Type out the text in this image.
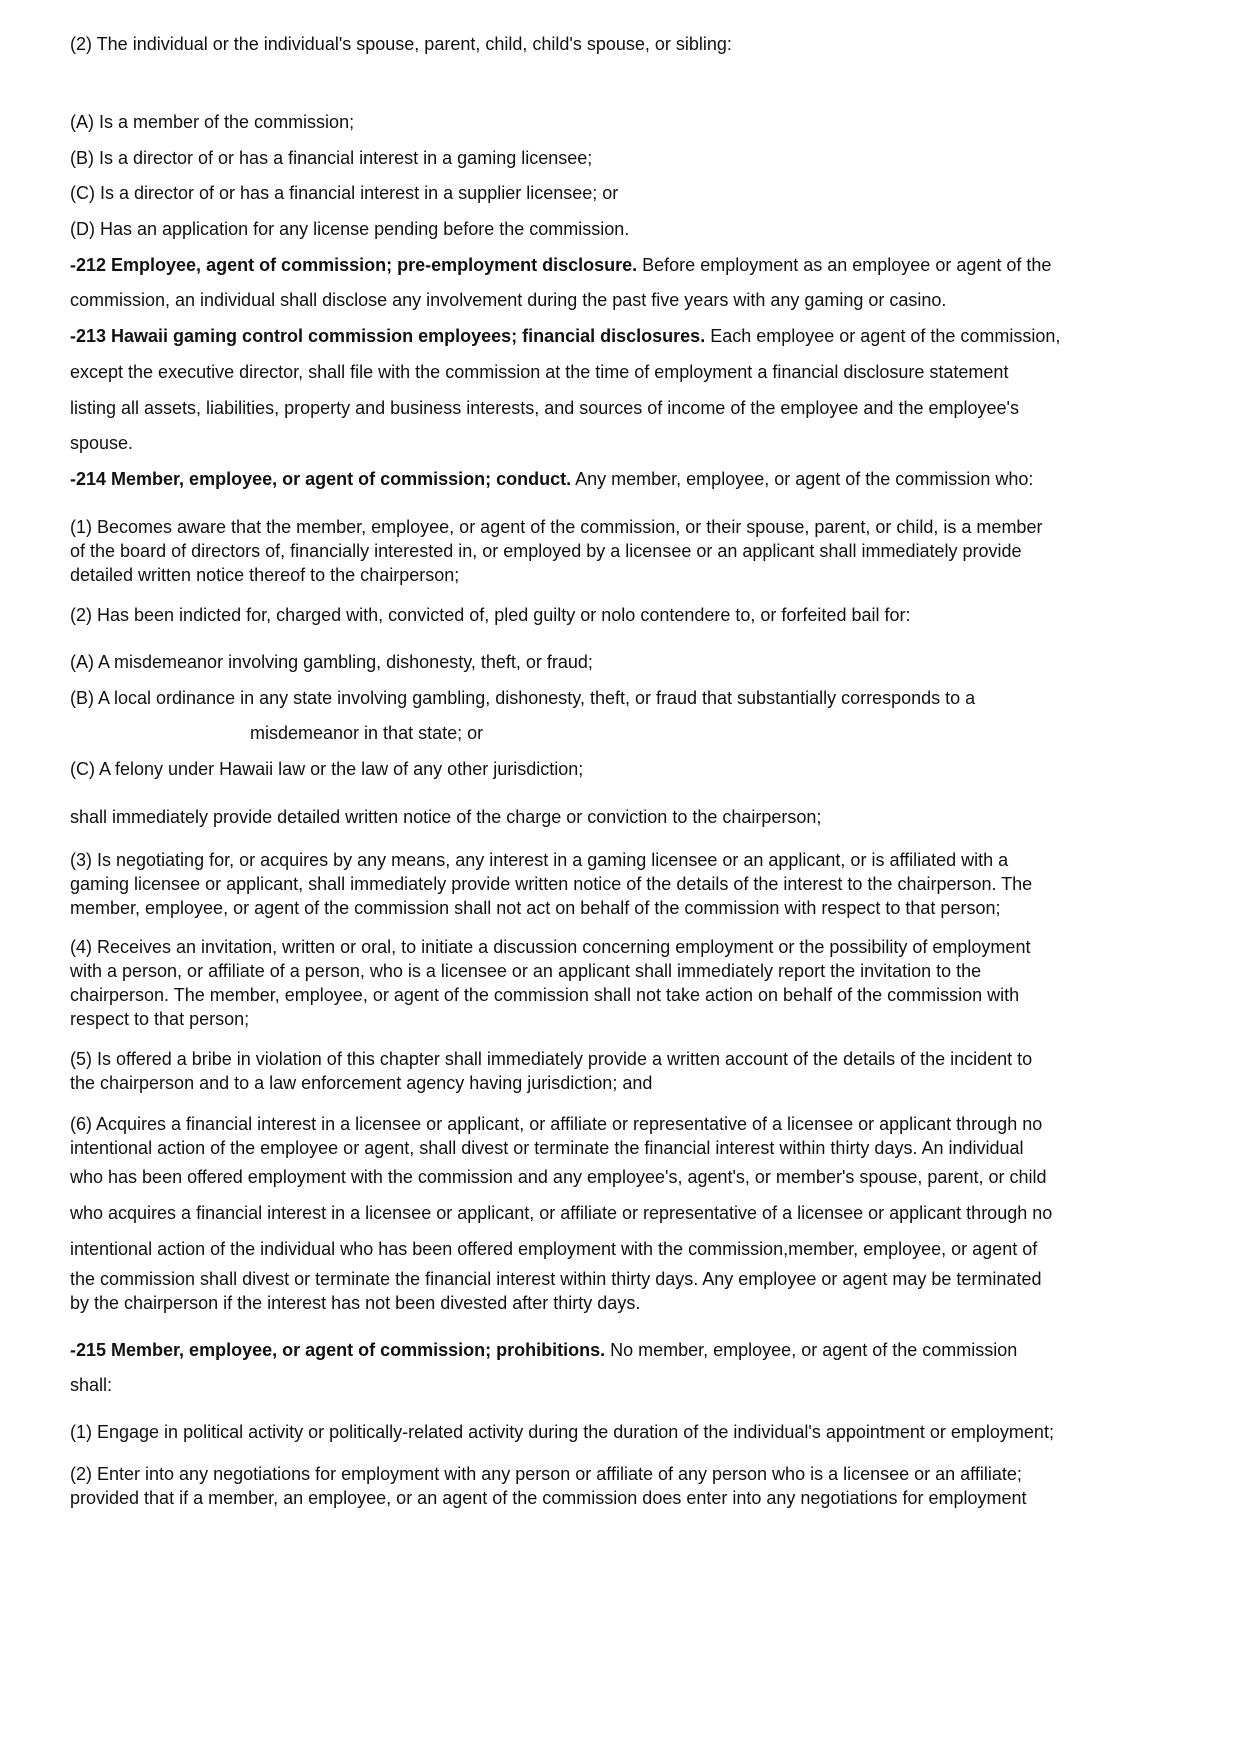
(2) The individual or the individual's spouse, parent, child, child's spouse, or sibling:
(A) Is a member of the commission;
(B) Is a director of or has a financial interest in a gaming licensee;
(C) Is a director of or has a financial interest in a supplier licensee; or
(D) Has an application for any license pending before the commission.
-212 Employee, agent of commission; pre-employment disclosure. Before employment as an employee or agent of the
commission, an individual shall disclose any involvement during the past five years with any gaming or casino.
-213 Hawaii gaming control commission employees; financial disclosures. Each employee or agent of the commission,
except the executive director, shall file with the commission at the time of employment a financial disclosure statement
listing all assets, liabilities, property and business interests, and sources of income of the employee and the employee's
spouse.
-214 Member, employee, or agent of commission; conduct. Any member, employee, or agent of the commission who:
(1) Becomes aware that the member, employee, or agent of the commission, or their spouse, parent, or child, is a member
of the board of directors of, financially interested in, or employed by a licensee or an applicant shall immediately provide
detailed written notice thereof to the chairperson;
(2) Has been indicted for, charged with, convicted of, pled guilty or nolo contendere to, or forfeited bail for:
(A) A misdemeanor involving gambling, dishonesty, theft, or fraud;
(B) A local ordinance in any state involving gambling, dishonesty, theft, or fraud that substantially corresponds to a
misdemeanor in that state; or
(C) A felony under Hawaii law or the law of any other jurisdiction;
shall immediately provide detailed written notice of the charge or conviction to the chairperson;
(3) Is negotiating for, or acquires by any means, any interest in a gaming licensee or an applicant, or is affiliated with a
gaming licensee or applicant, shall immediately provide written notice of the details of the interest to the chairperson. The
member, employee, or agent of the commission shall not act on behalf of the commission with respect to that person;
(4) Receives an invitation, written or oral, to initiate a discussion concerning employment or the possibility of employment
with a person, or affiliate of a person, who is a licensee or an applicant shall immediately report the invitation to the
chairperson. The member, employee, or agent of the commission shall not take action on behalf of the commission with
respect to that person;
(5) Is offered a bribe in violation of this chapter shall immediately provide a written account of the details of the incident to
the chairperson and to a law enforcement agency having jurisdiction; and
(6) Acquires a financial interest in a licensee or applicant, or affiliate or representative of a licensee or applicant through no
intentional action of the employee or agent, shall divest or terminate the financial interest within thirty days. An individual
who has been offered employment with the commission and any employee's, agent's, or member's spouse, parent, or child
who acquires a financial interest in a licensee or applicant, or affiliate or representative of a licensee or applicant through no
intentional action of the individual who has been offered employment with the commission,member, employee, or agent of
the commission shall divest or terminate the financial interest within thirty days. Any employee or agent may be terminated
by the chairperson if the interest has not been divested after thirty days.
-215 Member, employee, or agent of commission; prohibitions. No member, employee, or agent of the commission
shall:
(1) Engage in political activity or politically-related activity during the duration of the individual's appointment or employment;
(2) Enter into any negotiations for employment with any person or affiliate of any person who is a licensee or an affiliate;
provided that if a member, an employee, or an agent of the commission does enter into any negotiations for employment
